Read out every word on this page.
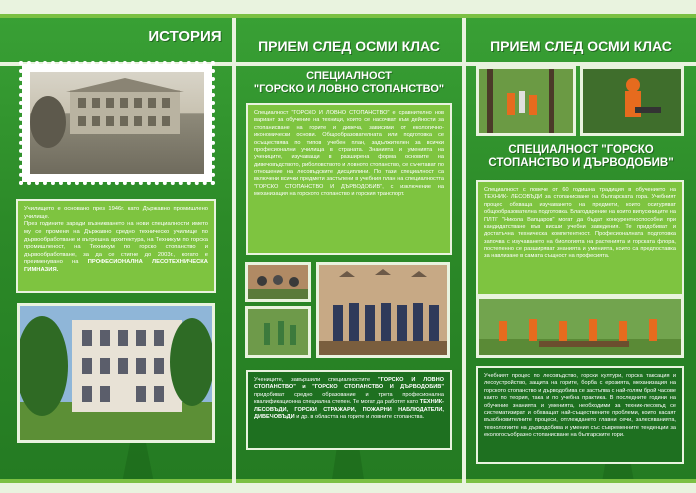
ИСТОРИЯ
Училището е основано през 1946г. като Държавно промишлено училище.
През годините заради възникването на нови специалности името му се променя на Държавно средно техническо училище по дървообработване и вътрешна архитектура, на Техникум по горска промишленост, на Техникум по горско стопанство и дървообработване, за да се стигне до 2003г., когато е преименувано на ПРОФЕСИОНАЛНА ЛЕСОТЕХНИЧЕСКА ГИМНАЗИЯ.
ПРИЕМ СЛЕД ОСМИ КЛАС
СПЕЦИАЛНОСТ
"ГОРСКО И ЛОВНО СТОПАНСТВО"
Специалност "ГОРСКО И ЛОВНО СТОПАНСТВО" е сравнително нов вариант за обучение на техници, които се насочват към дейности за стопанисване на горите и дивеча, зависими от екологично-икономически основи. Общообразователната или подготовка се осъществява по типов учебен план, задължителен за всички професионални училища в страната. Знанията и уменията на учениците, изучаващи в разширена форма основите на дивечовъдството, риболовството и ловното стопанство, се съчетават по отношение на лесовъдските дисциплини. По тази специалност са включени всички предмети застъпени в учебния план на специалността "ГОРСКО СТОПАНСТВО И ДЪРВОДОБИВ", с изключение на механизация на горското стопанство и горския транспорт.
Учениците, завършили специалностите "ГОРСКО И ЛОВНО СТОПАНСТВО" и "ГОРСКО СТОПАНСТВО И ДЪРВОДОБИВ" придобиват средно образование и трета професионална квалификационна специална степен. Те могат да работят като ТЕХНИК-ЛЕСОВЪДИ, ГОРСКИ СТРАЖАРИ, ПОЖАРНИ НАБЛЮДАТЕЛИ, ДИВЕЧОВЪДИ и др. в областта на горите и ловните стопанства.
ПРИЕМ СЛЕД ОСМИ КЛАС
СПЕЦИАЛНОСТ "ГОРСКО
СТОПАНСТВО И ДЪРВОДОБИВ"
Специалност с повече от 60 годишна традиция в обучението на ТЕХНИК- ЛЕСОВЪДИ за стопанисване на българската гора. Учебният процес обхваща изучаването на предмети, които осигуряват общообразователна подготовка. Благодарение на които випускниците на ПЛТГ "Никола Вапцаров" могат да бъдат конкурентноспособни при кандидатстване във висши учебни заведения. Те придобиват и достатъчна техническа компетентност. Професионалната подготовка започва с изучаването на биологията на растенията и горската флора, постепенно се разширяват знанията и уменията, които са предпоставка за навлизане в самата същност на професията.
Учебният процес по лесовъдство, горски култури, горска таксация и лесоустройство, защита на горите, борба с ерозията, механизация на горското стопанство и дърводобива се застъпва с най-голям брой часове както по теория, така и по учебна практика. В последните години на обучение знанията и уменията, необходими за техник-лесовъд се систематизират и обхващат най-съществените проблеми, които касаят възобновителните процеси, отглеждането главни сечи, залесяванията, технологиите на дърводобива и умения със съвременните тенденции за екологосъобразно стопанисване на българските гори.
